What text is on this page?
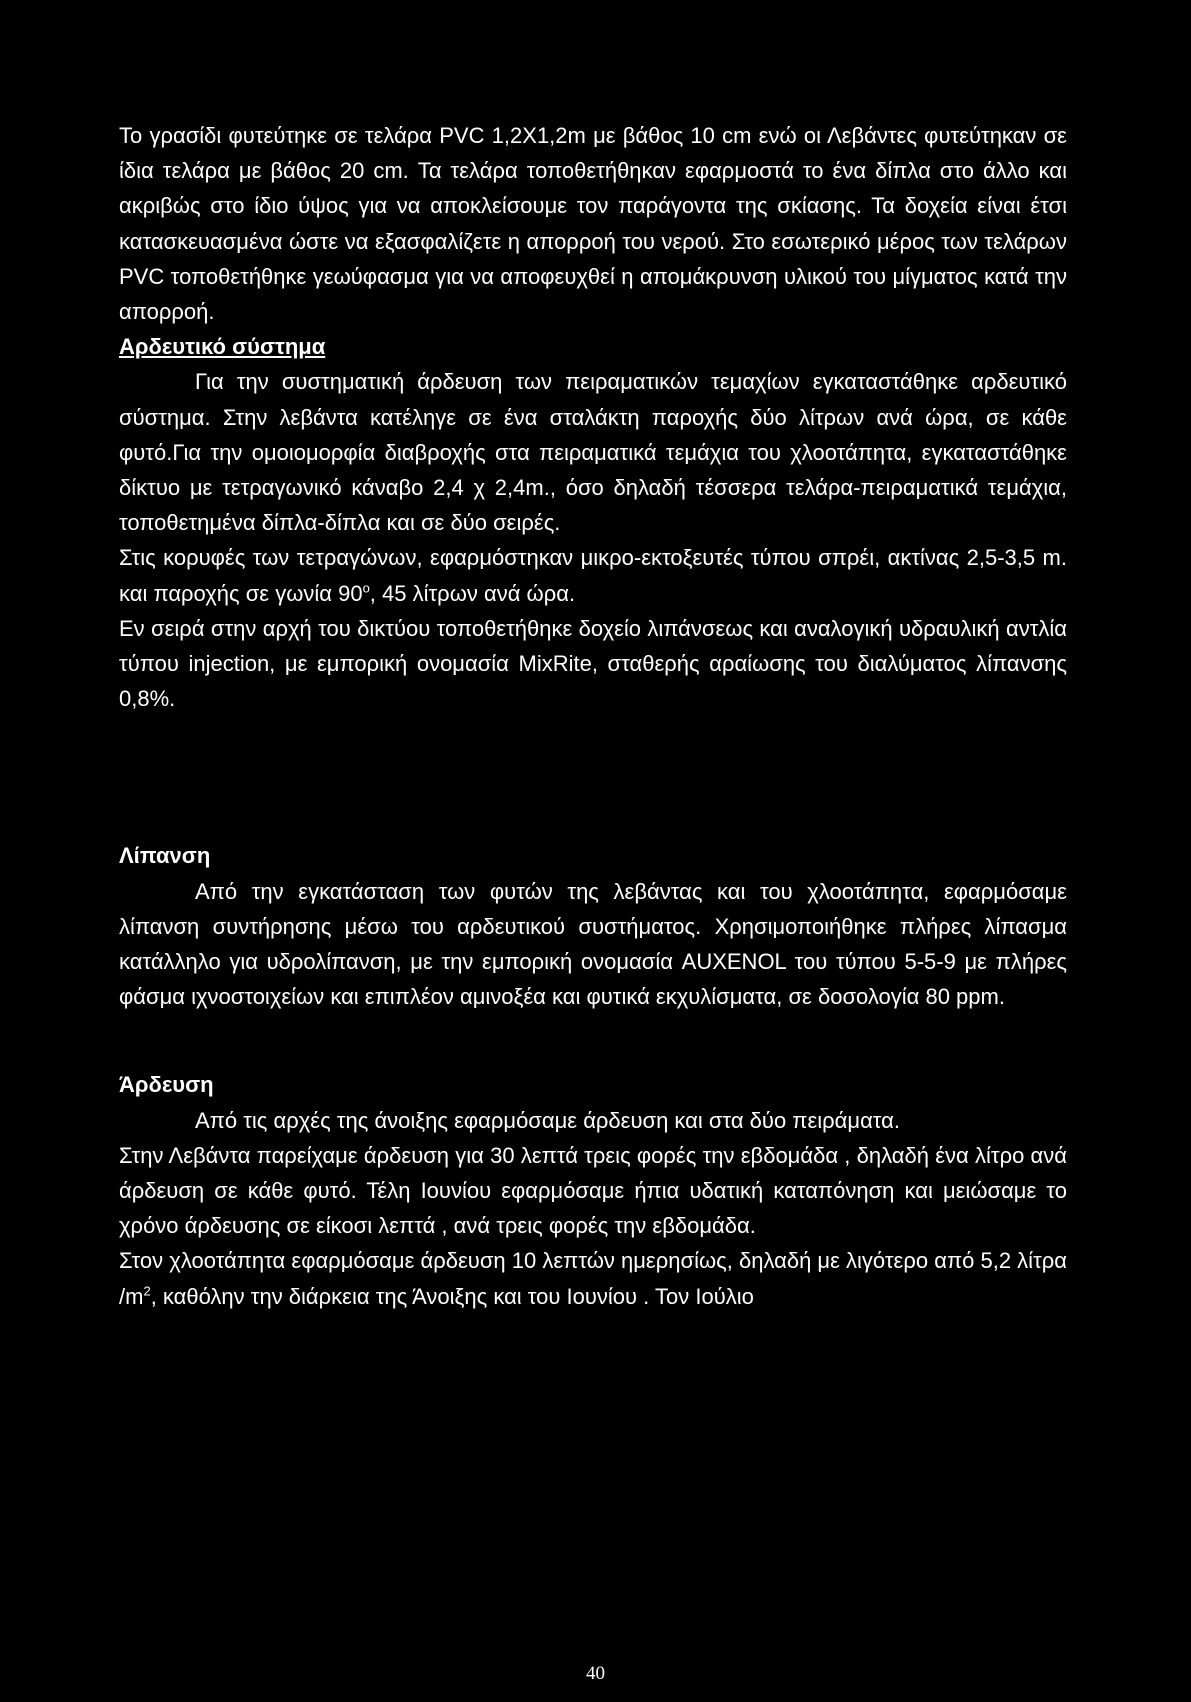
Το γρασίδι φυτεύτηκε σε τελάρα PVC 1,2X1,2m με βάθος 10 cm ενώ οι Λεβάντες φυτεύτηκαν σε ίδια τελάρα με βάθος 20 cm. Τα τελάρα τοποθετήθηκαν εφαρμοστά το ένα δίπλα στο άλλο και ακριβώς στο ίδιο ύψος για να αποκλείσουμε τον παράγοντα της σκίασης. Τα δοχεία είναι έτσι κατασκευασμένα ώστε να εξασφαλίζετε η απορροή του νερού. Στο εσωτερικό μέρος των τελάρων PVC τοποθετήθηκε γεωύφασμα για να αποφευχθεί η απομάκρυνση υλικού του μίγματος κατά την απορροή.

Αρδευτικό σύστημα

Για την συστηματική άρδευση των πειραματικών τεμαχίων εγκαταστάθηκε αρδευτικό σύστημα. Στην λεβάντα κατέληγε σε ένα σταλάκτη παροχής δύο λίτρων ανά ώρα, σε κάθε φυτό.Για την ομοιομορφία διαβροχής στα πειραματικά τεμάχια του χλοοτάπητα, εγκαταστάθηκε δίκτυο με τετραγωνικό κάναβο 2,4 χ 2,4m., όσο δηλαδή τέσσερα τελάρα-πειραματικά τεμάχια, τοποθετημένα δίπλα-δίπλα και σε δύο σειρές.

Στις κορυφές των τετραγώνων, εφαρμόστηκαν μικρο-εκτοξευτές τύπου σπρέι, ακτίνας 2,5-3,5 m. και παροχής σε γωνία $90^o$, 45 λίτρων ανά ώρα.

Εν σειρά στην αρχή του δικτύου τοποθετήθηκε δοχείο λιπάνσεως και αναλογική υδραυλική αντλία τύπου injection, με εμπορική ονομασία MixRite, σταθερής αραίωσης του διαλύματος λίπανσης 0,8%.

Λίπανση

Από την εγκατάσταση των φυτών της λεβάντας και του χλοοτάπητα, εφαρμόσαμε λίπανση συντήρησης μέσω του αρδευτικού συστήματος. Χρησιμοποιήθηκε πλήρες λίπασμα κατάλληλο για υδρολίπανση, με την εμπορική ονομασία AUXENOL του τύπου 5-5-9 με πλήρες φάσμα ιχνοστοιχείων και επιπλέον αμινοξέα και φυτικά εκχυλίσματα, σε δοσολογία 80 ppm.

Άρδευση

Από τις αρχές της άνοιξης εφαρμόσαμε άρδευση και στα δύο πειράματα.

Στην Λεβάντα παρείχαμε άρδευση για 30 λεπτά τρεις φορές την εβδομάδα , δηλαδή ένα λίτρο ανά άρδευση σε κάθε φυτό. Τέλη Ιουνίου εφαρμόσαμε ήπια υδατική καταπόνηση και μειώσαμε το χρόνο άρδευσης σε είκοσι λεπτά , ανά τρεις φορές την εβδομάδα.

Στον χλοοτάπητα εφαρμόσαμε άρδευση 10 λεπτών ημερησίως, δηλαδή με λιγότερο από 5,2 λίτρα $/m^2$, καθόλην την διάρκεια της Άνοιξης και του Ιουνίου . Τον Ιούλιο

40
